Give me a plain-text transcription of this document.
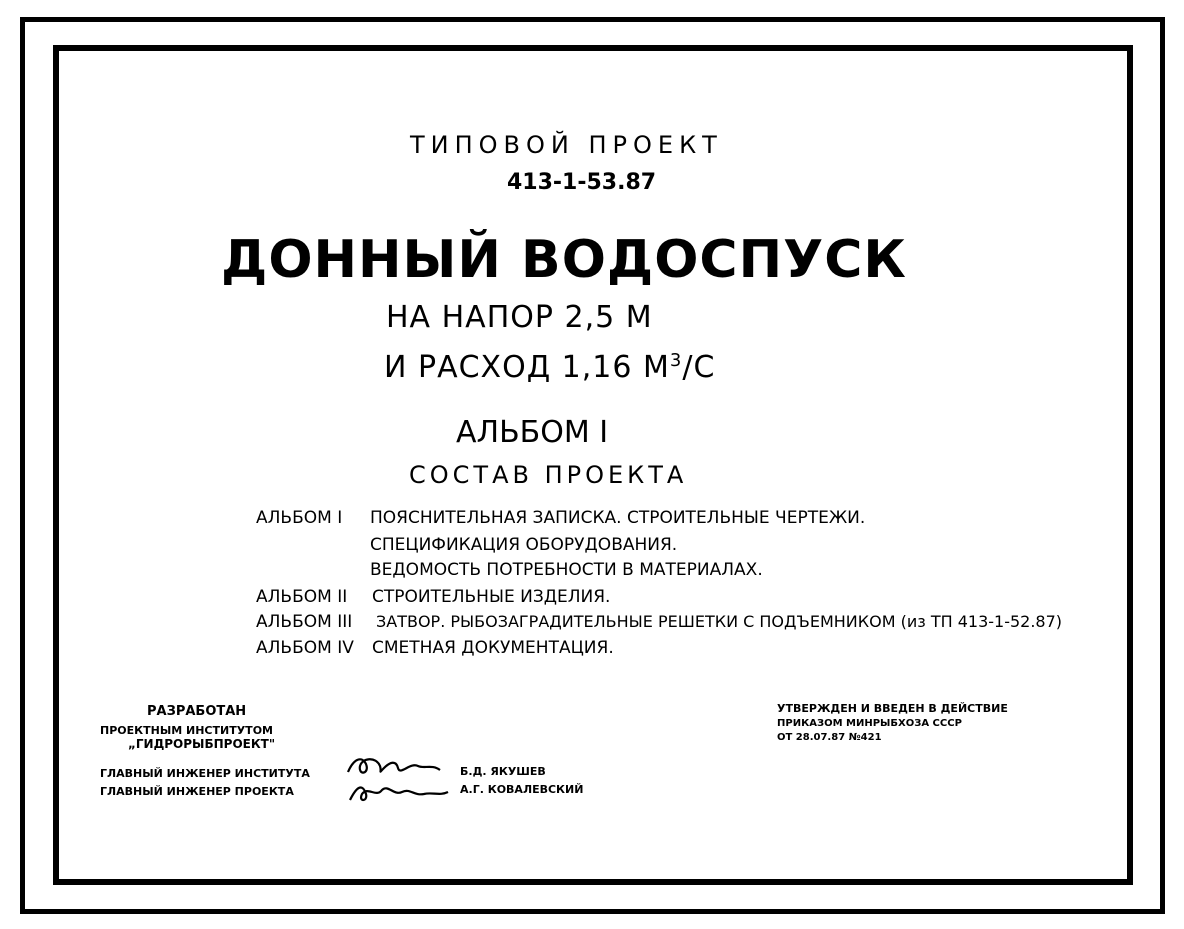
ТИПОВОЙ ПРОЕКТ
413-1-53.87
ДОННЫЙ ВОДОСПУСК
НА НАПОР 2,5 М
И РАСХОД 1,16 $М^3/С$
АЛЬБОМ I
СОСТАВ ПРОЕКТА
АЛЬБОМ I ПОЯСНИТЕЛЬНАЯ ЗАПИСКА. СТРОИТЕЛЬНЫЕ ЧЕРТЕЖИ.
СПЕЦИФИКАЦИЯ ОБОРУДОВАНИЯ.
ВЕДОМОСТЬ ПОТРЕБНОСТИ В МАТЕРИАЛАХ.
АЛЬБОМ II СТРОИТЕЛЬНЫЕ ИЗДЕЛИЯ.
АЛЬБОМ III ЗАТВОР. РЫБОЗАГРАДИТЕЛЬНЫЕ РЕШЕТКИ С ПОДЪЕМНИКОМ (из ТП 413-1-52.87)
АЛЬБОМ IV СМЕТНАЯ ДОКУМЕНТАЦИЯ.
РАЗРАБОТАН
ПРОЕКТНЫМ ИНСТИТУТОМ
„ГИДРОРЫБПРОЕКТ"
УТВЕРЖДЕН И ВВЕДЕН В ДЕЙСТВИЕ
ПРИКАЗОМ МИНРЫБХОЗА СССР
ОТ 28.07.87 №421
ГЛАВНЫЙ ИНЖЕНЕР ИНСТИТУТА	Б.Д. ЯКУШЕВ
ГЛАВНЫЙ ИНЖЕНЕР ПРОЕКТА	А.Г. КОВАЛЕВСКИЙ
